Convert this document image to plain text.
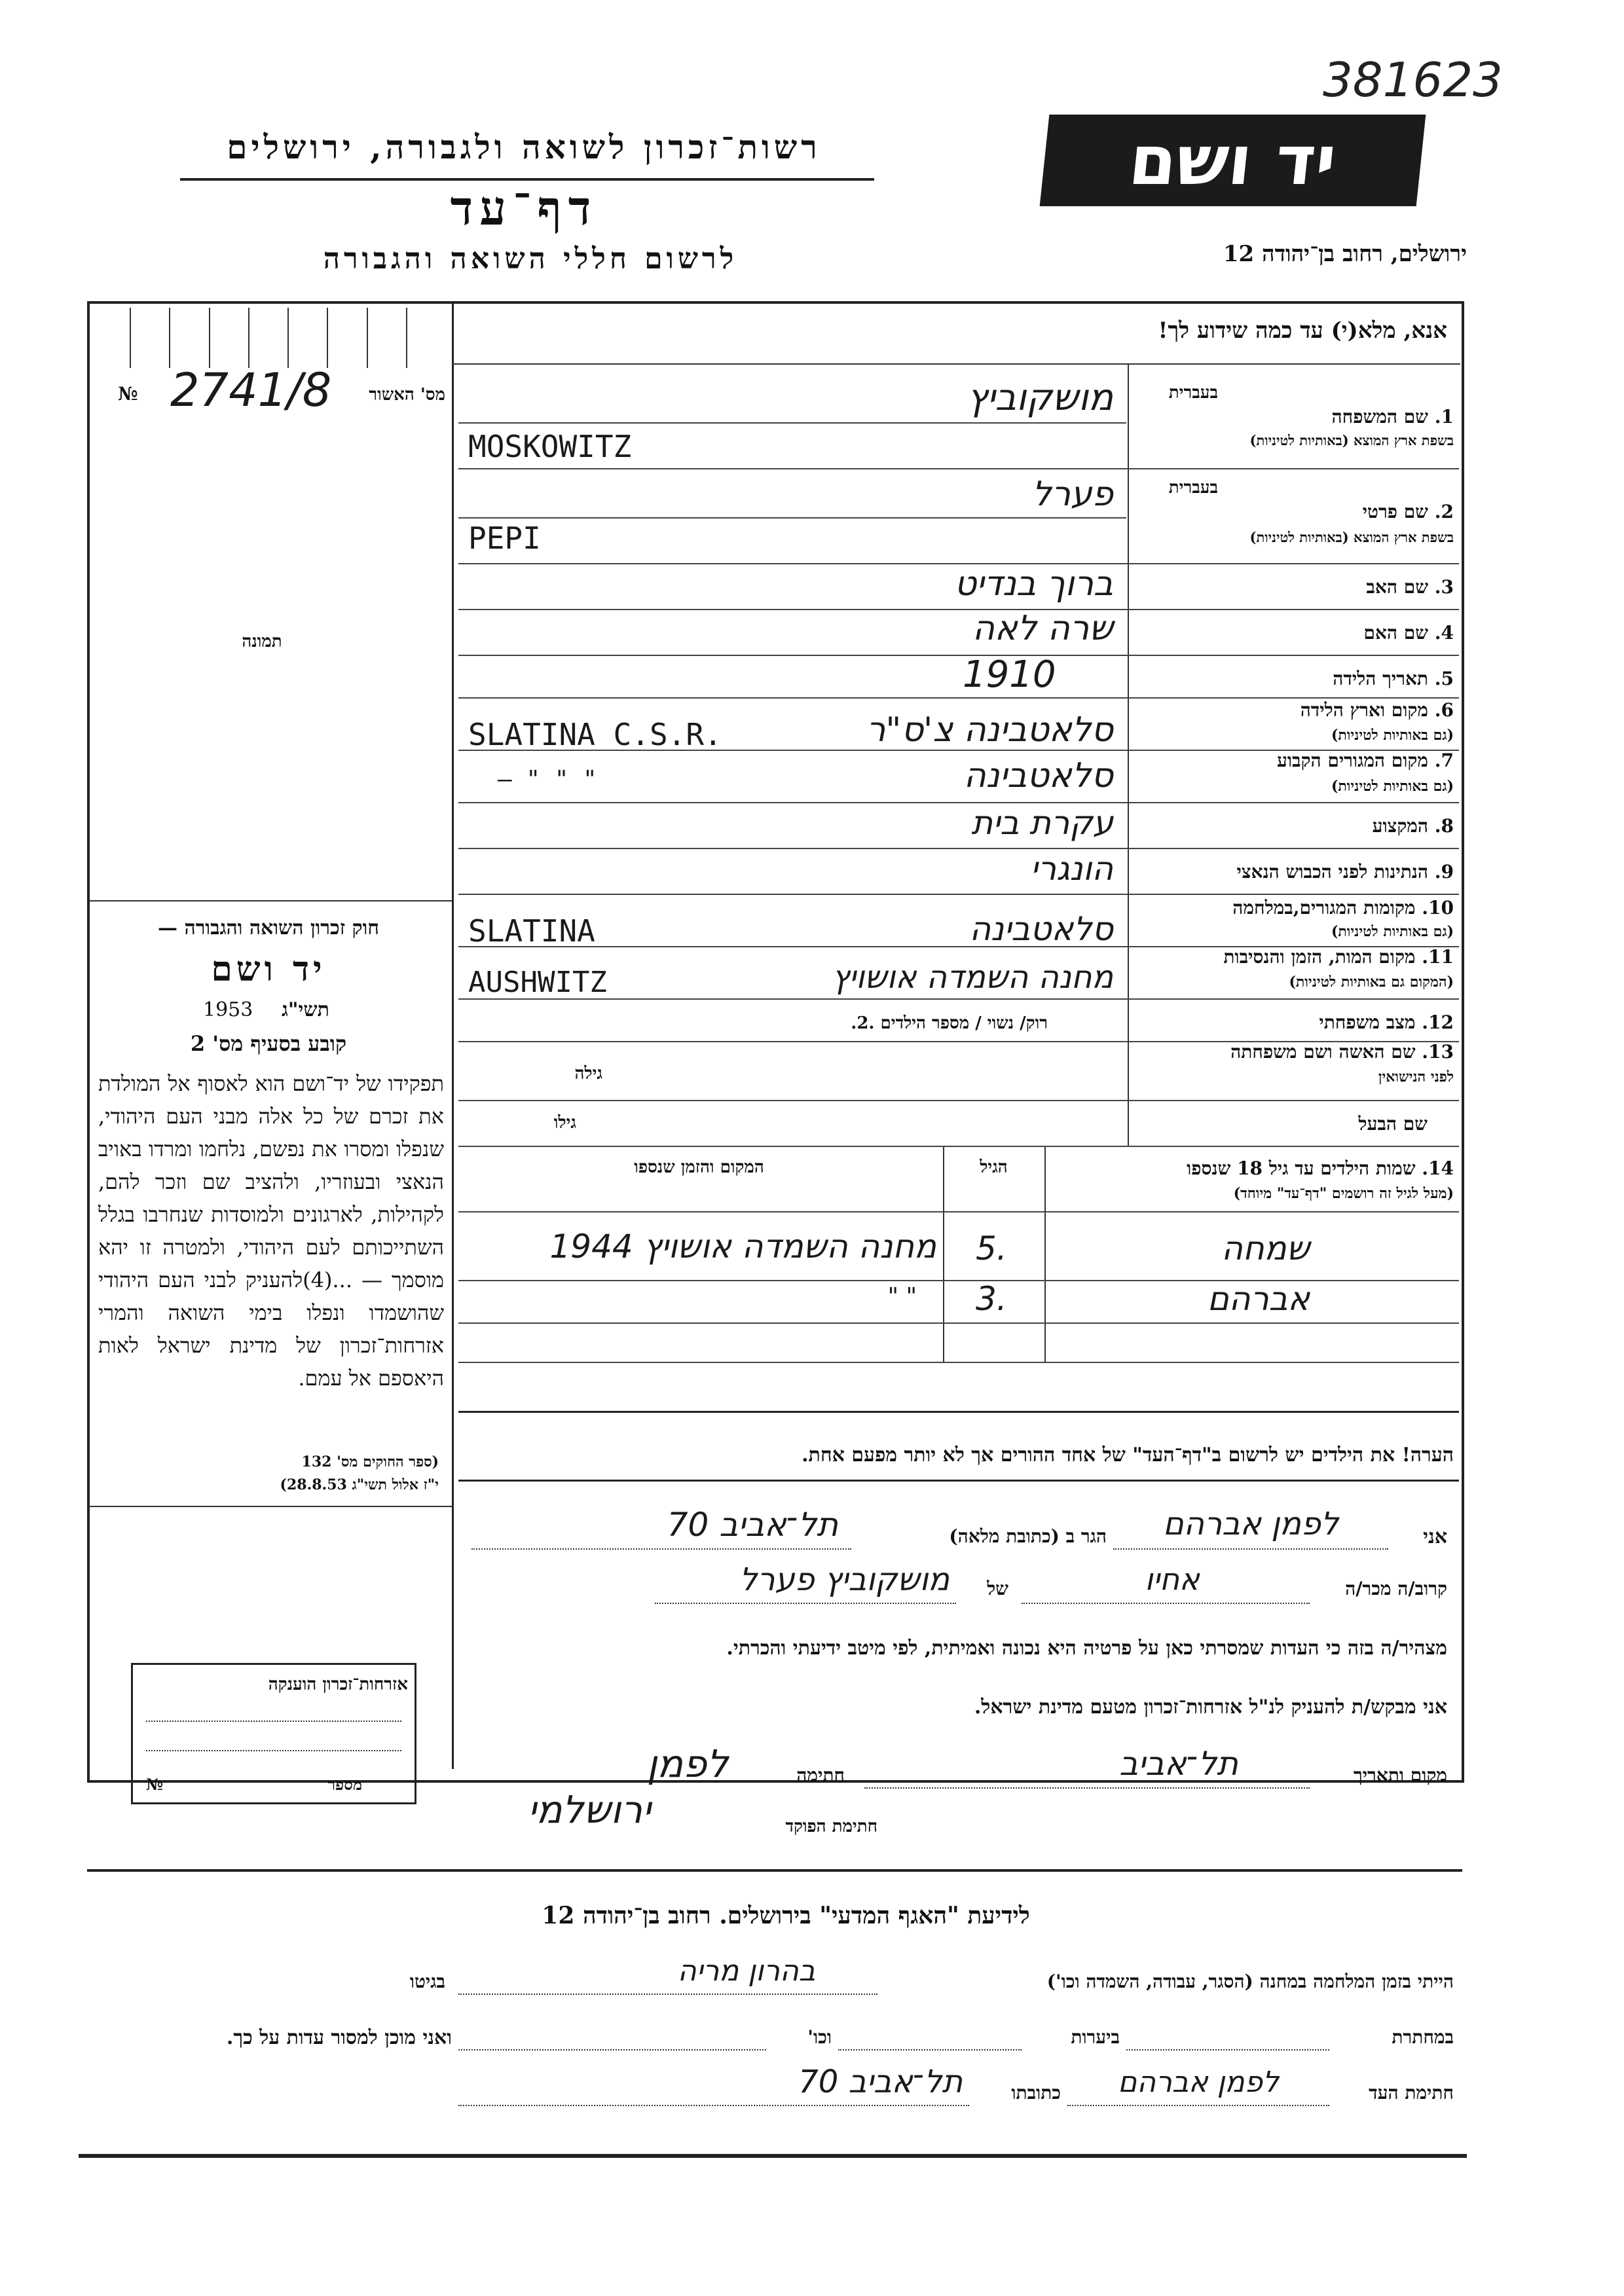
381623
יד ושם
רשות־זכרון לשואה ולגבורה, ירושלים
דף־עד
לרשום חללי השואה והגבורה	ירושלים, רחוב בן־יהודה 12
אנא, מלא(י) עד כמה שידוע לך!
№ 2741/8	מס' האשור
תמונה
חוק זכרון השואה והגבורה —
יד ושם
1953 תשי"ג
קובע בסעיף מס' 2
תפקידו של יד־ושם הוא לאסוף אל המולדת את זכרם של כל אלה מבני העם היהודי, שנפלו ומסרו את נפשם, נלחמו ומרדו באויב הנאצי ובעוזריו, ולהציב שם וזכר להם, לקהילות, לארגונים ולמוסדות שנחרבו בגלל השתייכותם לעם היהודי, ולמטרה זו יהא מוסמך — ...(4)להעניק לבני העם היהודי שהושמדו ונפלו בימי השואה והמרי אזרחות־זכרון של מדינת ישראל לאות היאספם אל עמם.
(ספר החוקים מס' 132
י"ז אלול תשי"ג 28.8.53)
אזרחות־זכרון הוענקה
מספר
№
בעברית
1. שם המשפחה
בשפת ארץ המוצא (באותיות לטיניות)
מושקוביץ
MOSKOWITZ
בעברית
2. שם פרטי
בשפת ארץ המוצא (באותיות לטיניות)
פערל
PEPI
3. שם האב
ברוך בנדיט
4. שם האם
שרה לאה
5. תאריך הלידה
1910
6. מקום וארץ הלידה
(גם באותיות לטיניות)
סלאטבינה צ'ס"ר
SLATINA C.S.R.
7. מקום המגורים הקבוע
(גם באותיות לטיניות)
סלאטבינה
— " " "
8. המקצוע
עקרת בית
9. הנתינות לפני הכבוש הנאצי
הונגרי
10. מקומות המגורים,במלחמה
(גם באותיות לטיניות)
סלאטבינה
SLATINA
11. מקום המות, הזמן והנסיבות
(המקום גם באותיות לטיניות)
מחנה השמדה אושויץ
AUSHWITZ
12. מצב משפחתי
רוק/ נשוי / מספר הילדים .2.
13. שם האשה ושם משפחתה
לפני הנישואין
גילה
שם הבעל
גילו
14. שמות הילדים עד גיל 18 שנספו
(מעל לגיל זה רושמים "דף־עד" מיוחד)
הגיל
המקום והזמן שנספו
שמחה
5.
מחנה השמדה אושויץ 1944
אברהם
3.
" "
הערה! את הילדים יש לרשום ב"דף־העד" של אחד ההורים אך לא יותר מפעם אחת.
אני
לפמן אברהם
הגר ב (כתובת מלאה)
תל־אביב 70
קרוב/ה מכר/ה
אחיו
של
מושקוביץ פערל
מצהיר/ה בזה כי העדות שמסרתי כאן על פרטיה היא נכונה ואמיתית, לפי מיטב ידיעתי והכרתי.
אני מבקש/ת להעניק לנ"ל אזרחות־זכרון מטעם מדינת ישראל.
מקום ותאריך
תל־אביב
חתימה
לפמן
חתימת הפוקד
ירושלמי
לידיעת "האגף המדעי" בירושלים. רחוב בן־יהודה 12
הייתי בזמן המלחמה במחנה (הסגר, עבודה, השמדה וכו')
בהרון מריה
בגיטו
במחתרת
ביערות
וכו'
ואני מוכן למסור עדות על כך.
חתימת העד
לפמן אברהם
כתובתו
תל־אביב 70
